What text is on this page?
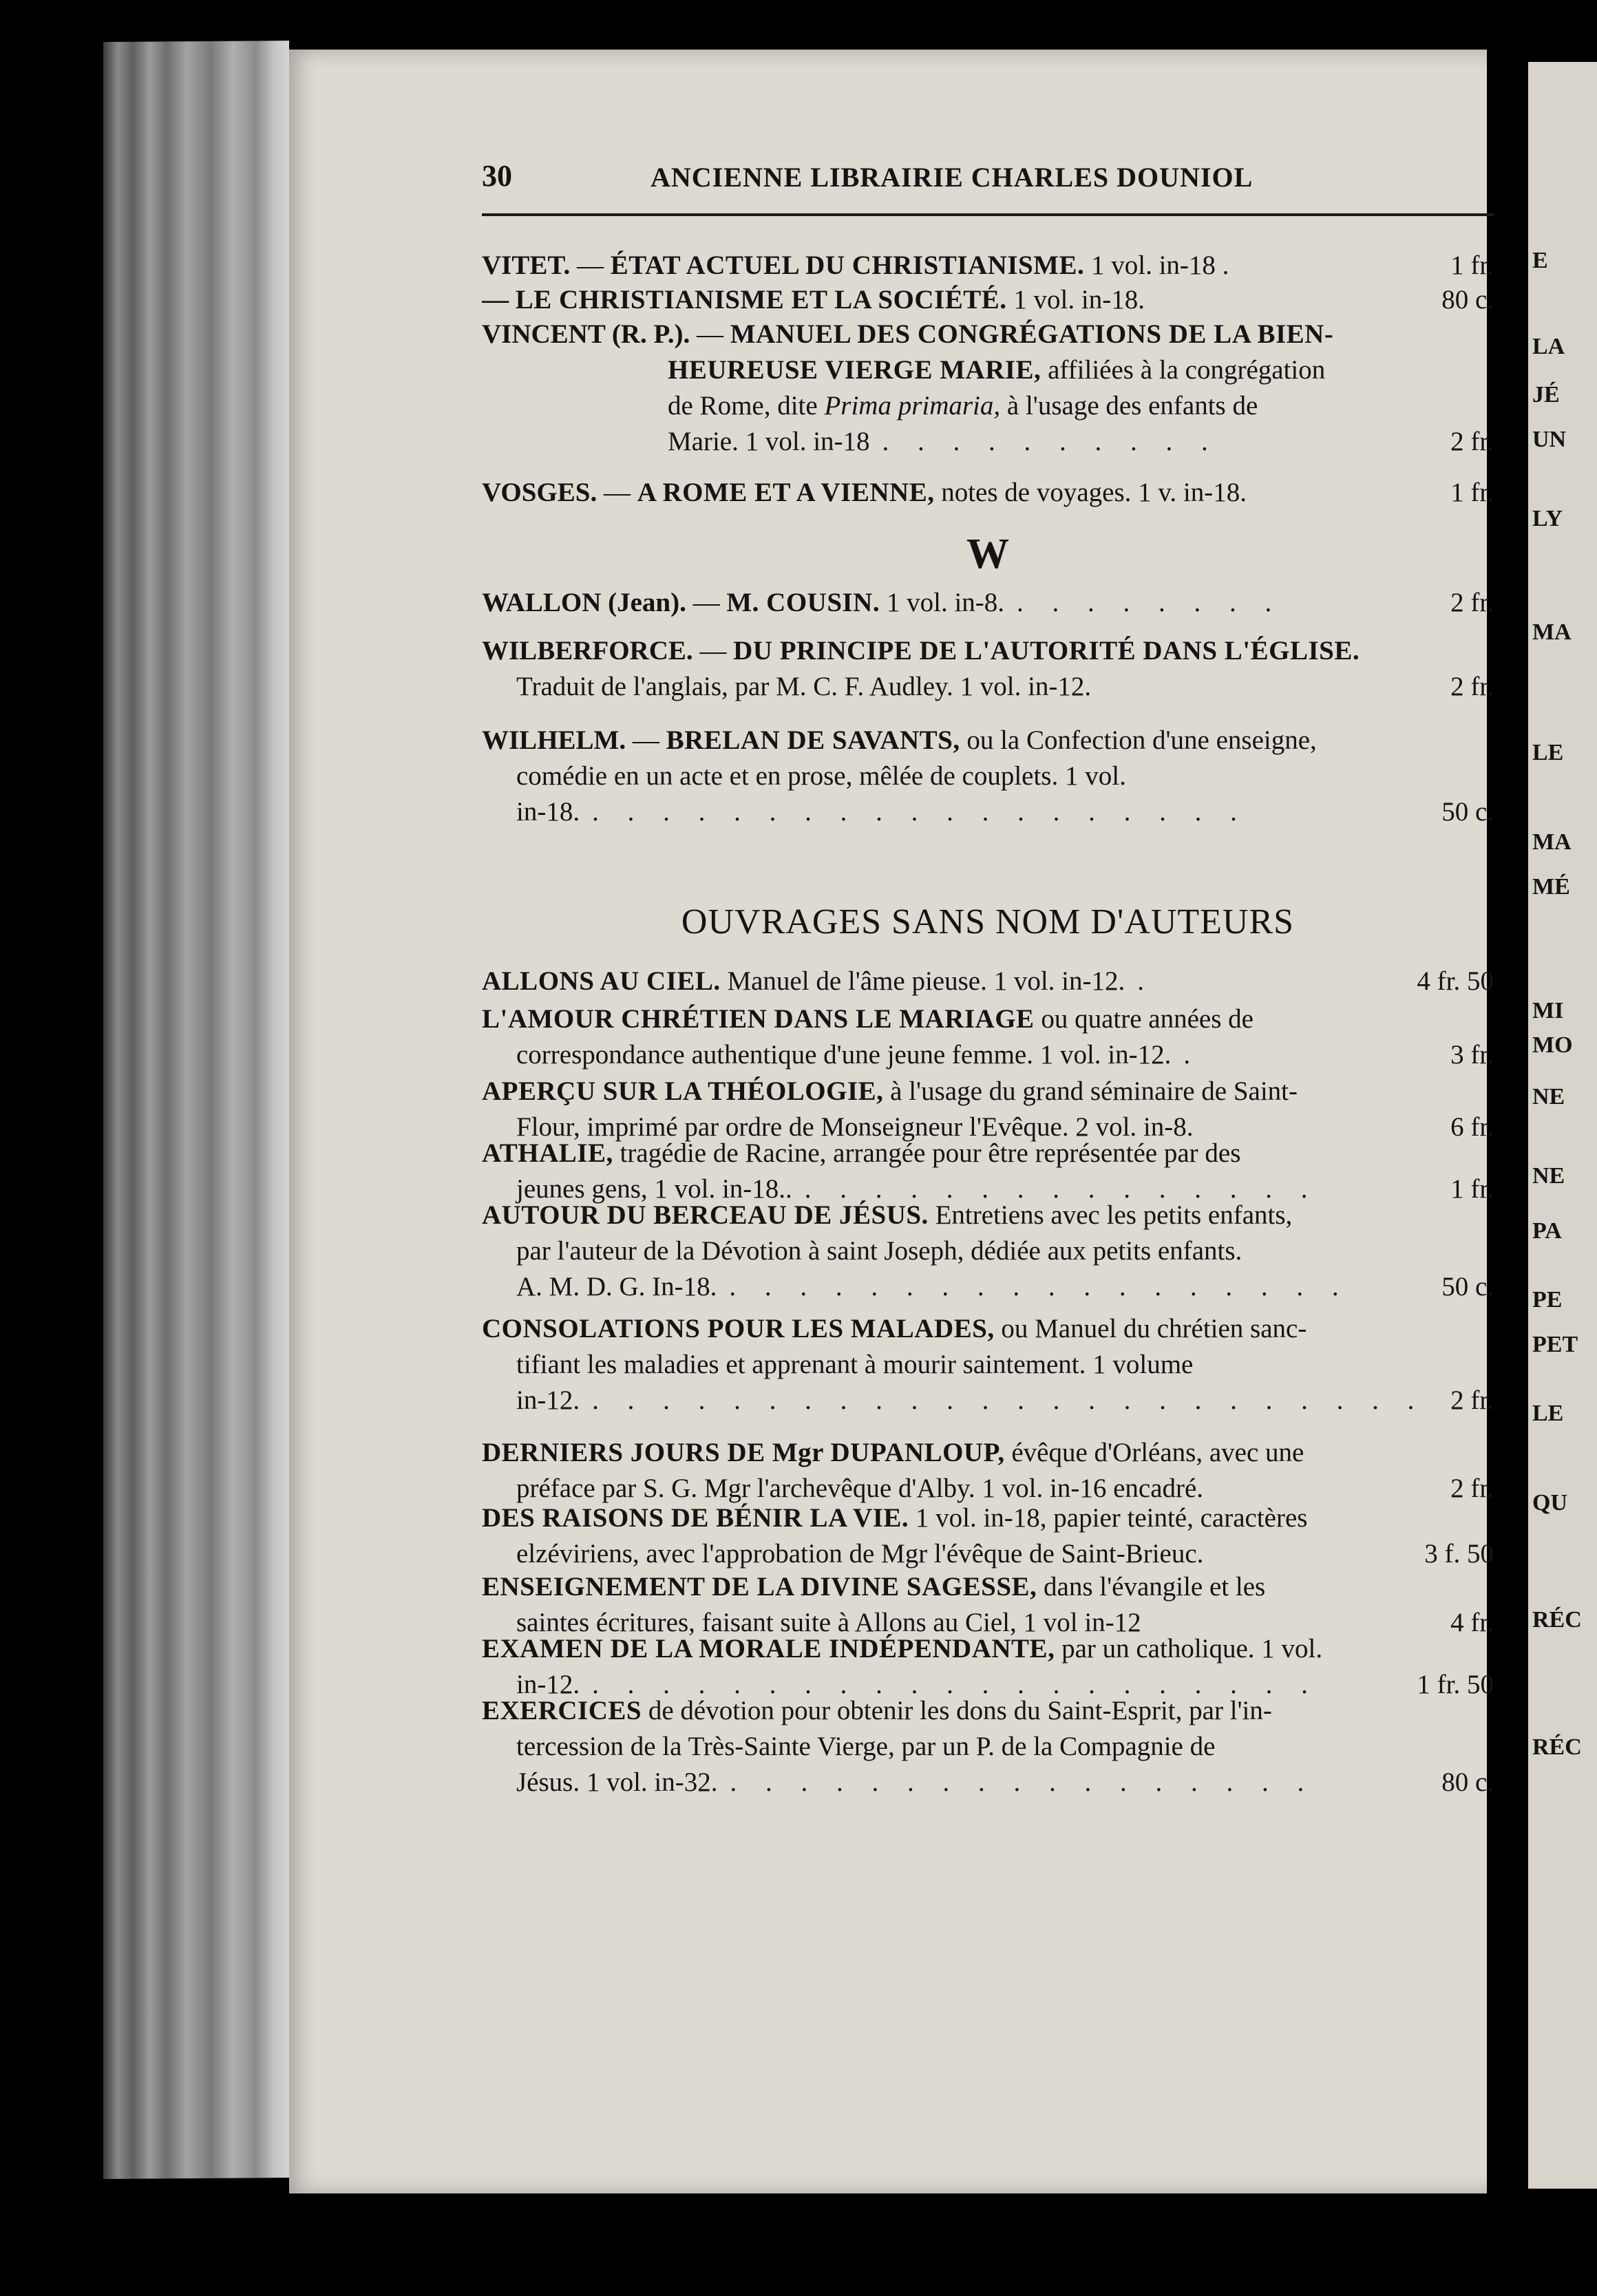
E
LA
JÉ
UN
LY
MA
LE
MA
MÉ
MI
MO
NE
NE
PA
PE
PET
LE
QU
RÉC
RÉC
30	ANCIENNE LIBRAIRIE CHARLES DOUNIOL
W
OUVRAGES SANS NOM D'AUTEURS
1 fr.
VITET. — ÉTAT ACTUEL DU CHRISTIANISME. 1 vol. in-18 .
80 c.
— LE CHRISTIANISME ET LA SOCIÉTÉ. 1 vol. in-18.
VINCENT (R. P.). — MANUEL DES CONGRÉGATIONS DE LA BIEN-
HEUREUSE VIERGE MARIE, affiliées à la congrégation
de Rome, dite Prima primaria, à l'usage des enfants de
2 fr.
Marie. 1 vol. in-18 . . . . . . . . . .
1 fr.
VOSGES. — A ROME ET A VIENNE, notes de voyages. 1 v. in-18.
2 fr.
WALLON (Jean). — M. COUSIN. 1 vol. in-8. . . . . . . . .
WILBERFORCE. — DU PRINCIPE DE L'AUTORITÉ DANS L'ÉGLISE.
2 fr.
Traduit de l'anglais, par M. C. F. Audley. 1 vol. in-12.
WILHELM. — BRELAN DE SAVANTS, ou la Confection d'une enseigne,
comédie en un acte et en prose, mêlée de couplets. 1 vol.
50 c.
in-18. . . . . . . . . . . . . . . . . . . .
4 fr. 50
ALLONS AU CIEL. Manuel de l'âme pieuse. 1 vol. in-12. .
L'AMOUR CHRÉTIEN DANS LE MARIAGE ou quatre années de
3 fr.
correspondance authentique d'une jeune femme. 1 vol. in-12. .
APERÇU SUR LA THÉOLOGIE, à l'usage du grand séminaire de Saint-
6 fr.
Flour, imprimé par ordre de Monseigneur l'Evêque. 2 vol. in-8.
ATHALIE, tragédie de Racine, arrangée pour être représentée par des
1 fr.
jeunes gens, 1 vol. in-18.. . . . . . . . . . . . . . . .
AUTOUR DU BERCEAU DE JÉSUS. Entretiens avec les petits enfants,
par l'auteur de la Dévotion à saint Joseph, dédiée aux petits enfants.
50 c.
A. M. D. G. In-18. . . . . . . . . . . . . . . . . . .
CONSOLATIONS POUR LES MALADES, ou Manuel du chrétien sanc-
tifiant les maladies et apprenant à mourir saintement. 1 volume
2 fr.
in-12. . . . . . . . . . . . . . . . . . . . . . . . .
DERNIERS JOURS DE Mgr DUPANLOUP, évêque d'Orléans, avec une
2 fr.
préface par S. G. Mgr l'archevêque d'Alby. 1 vol. in-16 encadré.
DES RAISONS DE BÉNIR LA VIE. 1 vol. in-18, papier teinté, caractères
3 f. 50
elzéviriens, avec l'approbation de Mgr l'évêque de Saint-Brieuc.
ENSEIGNEMENT DE LA DIVINE SAGESSE, dans l'évangile et les
4 fr.
saintes écritures, faisant suite à Allons au Ciel, 1 vol in-12
EXAMEN DE LA MORALE INDÉPENDANTE, par un catholique. 1 vol.
1 fr. 50
in-12. . . . . . . . . . . . . . . . . . . . . .
EXERCICES de dévotion pour obtenir les dons du Saint-Esprit, par l'in-
tercession de la Très-Sainte Vierge, par un P. de la Compagnie de
80 c.
Jésus. 1 vol. in-32. . . . . . . . . . . . . . . . . .
